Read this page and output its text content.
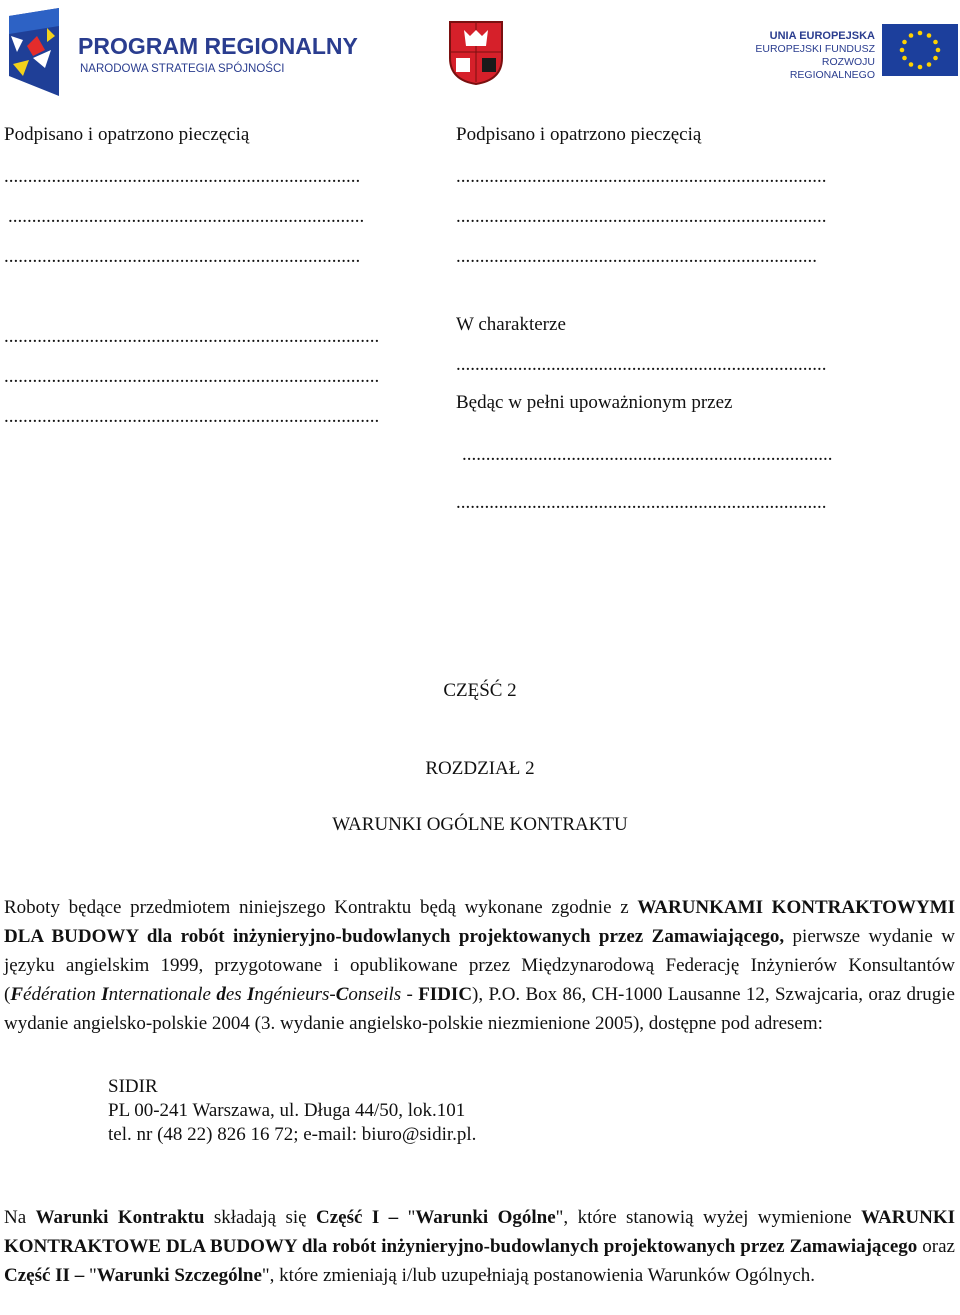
PROGRAM REGIONALNY
NARODOWA STRATEGIA SPÓJNOŚCI
UNIA EUROPEJSKA
EUROPEJSKI FUNDUSZ
ROZWOJU REGIONALNEGO
Podpisano i opatrzono pieczęcią
...........................................................................
...........................................................................
...........................................................................
...............................................................................
...............................................................................
...............................................................................
Podpisano i opatrzono pieczęcią
..............................................................................
..............................................................................
............................................................................
W charakterze
..............................................................................
Będąc w pełni upoważnionym przez
..............................................................................
..............................................................................
CZĘŚĆ 2
ROZDZIAŁ 2
WARUNKI OGÓLNE KONTRAKTU

Roboty będące przedmiotem niniejszego Kontraktu będą wykonane zgodnie z WARUNKAMI KONTRAKTOWYMI DLA BUDOWY dla robót inżynieryjno-budowlanych projektowanych przez Zamawiającego, pierwsze wydanie w języku angielskim 1999, przygotowane i opublikowane przez Międzynarodową Federację Inżynierów Konsultantów (Fédération Internationale des Ingénieurs-Conseils - FIDIC), P.O. Box 86, CH-1000 Lausanne 12, Szwajcaria, oraz drugie wydanie angielsko-polskie 2004 (3. wydanie angielsko-polskie niezmienione 2005), dostępne pod adresem:

SIDIR
PL 00-241 Warszawa, ul. Długa 44/50, lok.101
tel. nr (48 22) 826 16 72; e-mail: biuro@sidir.pl.

Na Warunki Kontraktu składają się Część I – "Warunki Ogólne", które stanowią wyżej wymienione WARUNKI KONTRAKTOWE DLA BUDOWY dla robót inżynieryjno-budowlanych projektowanych przez Zamawiającego oraz Część II – "Warunki Szczególne", które zmieniają i/lub uzupełniają postanowienia Warunków Ogólnych.
